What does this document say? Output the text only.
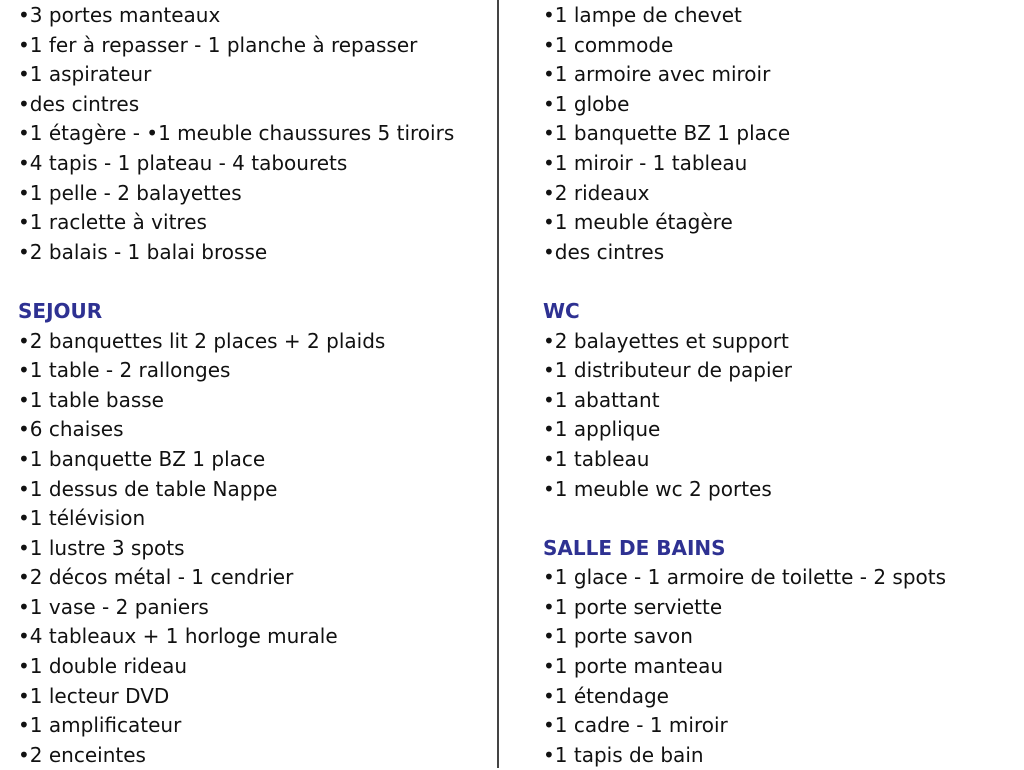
•3 portes manteaux
•1 fer à repasser - 1 planche à repasser
•1 aspirateur
•des cintres
•1 étagère - •1 meuble chaussures 5 tiroirs
•4 tapis - 1 plateau - 4 tabourets
•1 pelle - 2 balayettes
•1 raclette à vitres
•2 balais - 1 balai brosse
SEJOUR
•2 banquettes lit 2 places + 2 plaids
•1 table - 2 rallonges
•1 table basse
•6 chaises
•1 banquette BZ 1 place
•1 dessus de table Nappe
•1 télévision
•1 lustre 3 spots
•2 décos métal - 1 cendrier
•1 vase - 2 paniers
•4 tableaux + 1 horloge murale
•1 double rideau
•1 lecteur DVD
•1 amplificateur
•2 enceintes
•1 lampe de chevet
•1 commode
•1 armoire avec miroir
•1 globe
•1 banquette BZ 1 place
•1 miroir - 1 tableau
•2 rideaux
•1 meuble étagère
•des cintres
WC
•2 balayettes et support
•1 distributeur de papier
•1 abattant
•1 applique
•1 tableau
•1 meuble wc 2 portes
SALLE DE BAINS
•1 glace - 1 armoire de toilette - 2 spots
•1 porte serviette
•1 porte savon
•1 porte manteau
•1 étendage
•1 cadre - 1 miroir
•1 tapis de bain
